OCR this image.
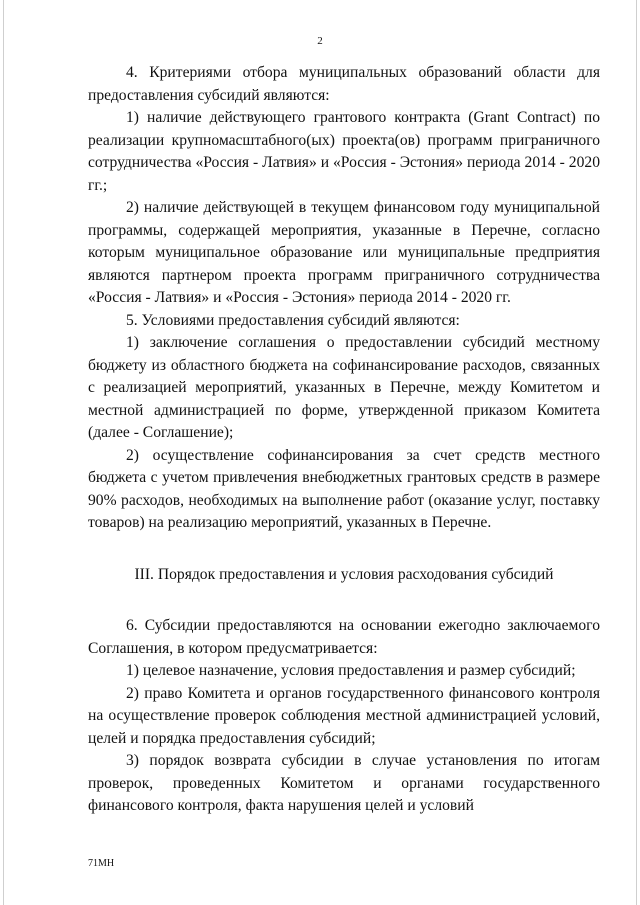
2

4. Критериями отбора муниципальных образований области для предоставления субсидий являются:

1) наличие действующего грантового контракта (Grant Contract) по реализации крупномасштабного(ых) проекта(ов) программ приграничного сотрудничества «Россия - Латвия» и «Россия - Эстония» периода 2014 - 2020 гг.;

2) наличие действующей в текущем финансовом году муниципальной программы, содержащей мероприятия, указанные в Перечне, согласно которым муниципальное образование или муниципальные предприятия являются партнером проекта программ приграничного сотрудничества «Россия - Латвия» и «Россия - Эстония» периода 2014 - 2020 гг.

5. Условиями предоставления субсидий являются:

1) заключение соглашения о предоставлении субсидий местному бюджету из областного бюджета на софинансирование расходов, связанных с реализацией мероприятий, указанных в Перечне, между Комитетом и местной администрацией по форме, утвержденной приказом Комитета (далее - Соглашение);

2) осуществление софинансирования за счет средств местного бюджета с учетом привлечения внебюджетных грантовых средств в размере 90% расходов, необходимых на выполнение работ (оказание услуг, поставку товаров) на реализацию мероприятий, указанных в Перечне.

III. Порядок предоставления и условия расходования субсидий

6. Субсидии предоставляются на основании ежегодно заключаемого Соглашения, в котором предусматривается:

1) целевое назначение, условия предоставления и размер субсидий;

2) право Комитета и органов государственного финансового контроля на осуществление проверок соблюдения местной администрацией условий, целей и порядка предоставления субсидий;

3) порядок возврата субсидии в случае установления по итогам проверок, проведенных Комитетом и органами государственного финансового контроля, факта нарушения целей и условий

71МН
